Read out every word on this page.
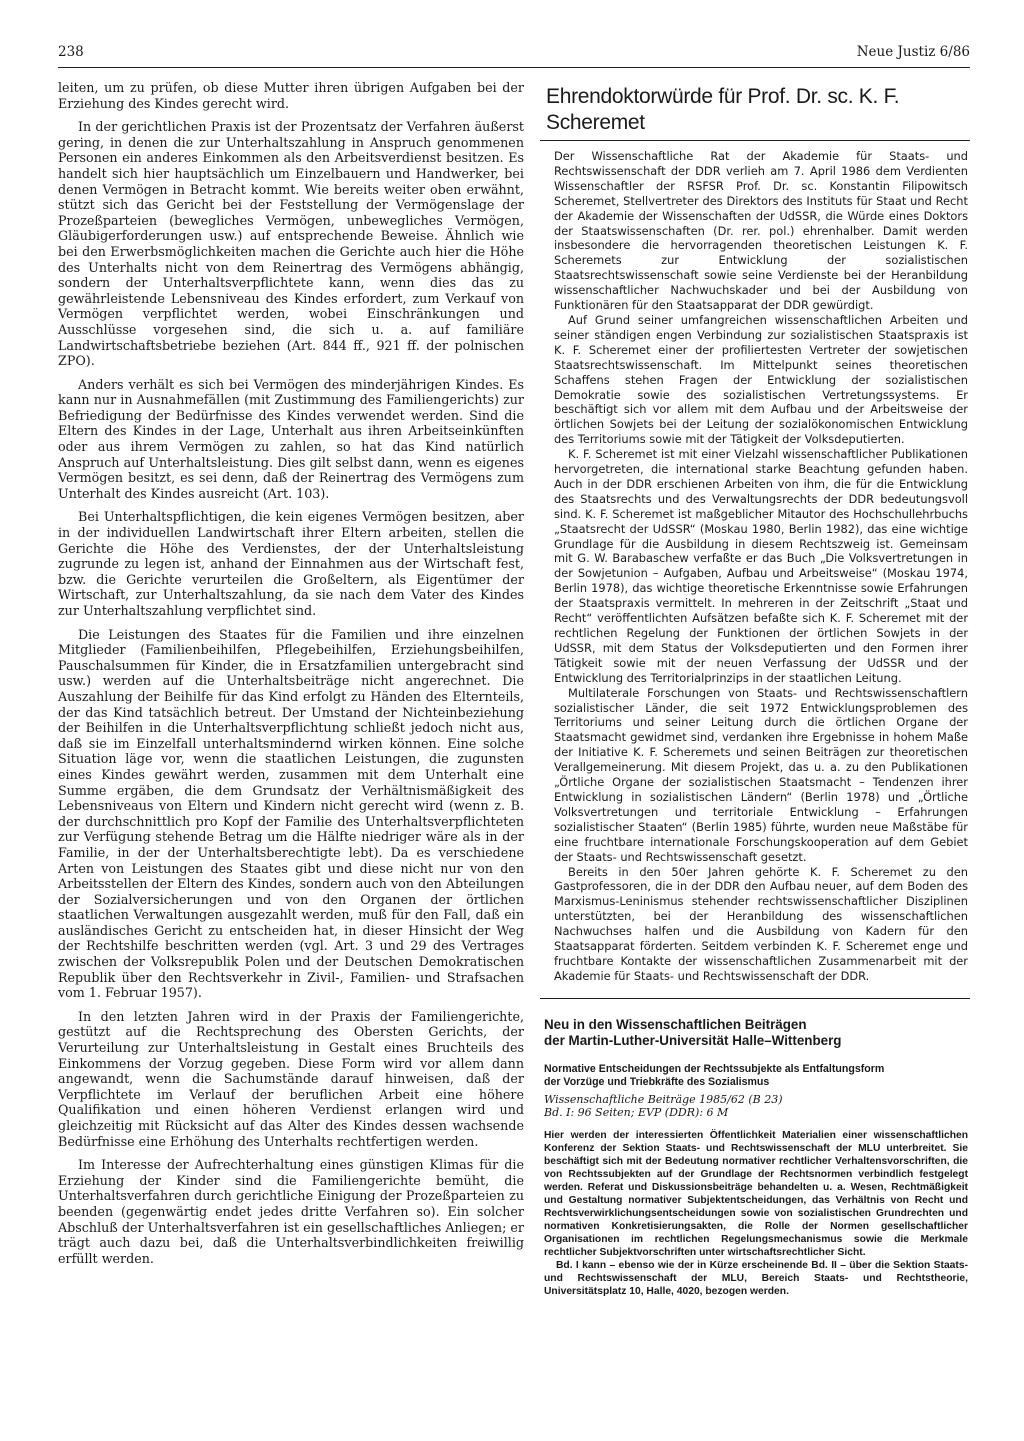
238	Neue Justiz 6/86

leiten, um zu prüfen, ob diese Mutter ihren übrigen Aufgaben bei der Erziehung des Kindes gerecht wird.

In der gerichtlichen Praxis ist der Prozentsatz der Verfahren äußerst gering, in denen die zur Unterhaltszahlung in Anspruch genommenen Personen ein anderes Einkommen als den Arbeitsverdienst besitzen. Es handelt sich hier hauptsächlich um Einzelbauern und Handwerker, bei denen Vermögen in Betracht kommt. Wie bereits weiter oben erwähnt, stützt sich das Gericht bei der Feststellung der Vermögenslage der Prozeßparteien (bewegliches Vermögen, unbewegliches Vermögen, Gläubigerforderungen usw.) auf entsprechende Beweise. Ähnlich wie bei den Erwerbsmöglichkeiten machen die Gerichte auch hier die Höhe des Unterhalts nicht von dem Reinertrag des Vermögens abhängig, sondern der Unterhaltsverpflichtete kann, wenn dies das zu gewährleistende Lebensniveau des Kindes erfordert, zum Verkauf von Vermögen verpflichtet werden, wobei Einschränkungen und Ausschlüsse vorgesehen sind, die sich u. a. auf familiäre Landwirtschaftsbetriebe beziehen (Art. 844 ff., 921 ff. der polnischen ZPO).

Anders verhält es sich bei Vermögen des minderjährigen Kindes. Es kann nur in Ausnahmefällen (mit Zustimmung des Familiengerichts) zur Befriedigung der Bedürfnisse des Kindes verwendet werden. Sind die Eltern des Kindes in der Lage, Unterhalt aus ihren Arbeitseinkünften oder aus ihrem Vermögen zu zahlen, so hat das Kind natürlich Anspruch auf Unterhaltsleistung. Dies gilt selbst dann, wenn es eigenes Vermögen besitzt, es sei denn, daß der Reinertrag des Vermögens zum Unterhalt des Kindes ausreicht (Art. 103).

Bei Unterhaltspflichtigen, die kein eigenes Vermögen besitzen, aber in der individuellen Landwirtschaft ihrer Eltern arbeiten, stellen die Gerichte die Höhe des Verdienstes, der der Unterhaltsleistung zugrunde zu legen ist, anhand der Einnahmen aus der Wirtschaft fest, bzw. die Gerichte verurteilen die Großeltern, als Eigentümer der Wirtschaft, zur Unterhaltszahlung, da sie nach dem Vater des Kindes zur Unterhaltszahlung verpflichtet sind.

Die Leistungen des Staates für die Familien und ihre einzelnen Mitglieder (Familienbeihilfen, Pflegebeihilfen, Erziehungsbeihilfen, Pauschalsummen für Kinder, die in Ersatzfamilien untergebracht sind usw.) werden auf die Unterhaltsbeiträge nicht angerechnet. Die Auszahlung der Beihilfe für das Kind erfolgt zu Händen des Elternteils, der das Kind tatsächlich betreut. Der Umstand der Nichteinbeziehung der Beihilfen in die Unterhaltsverpflichtung schließt jedoch nicht aus, daß sie im Einzelfall unterhaltsmindernd wirken können. Eine solche Situation läge vor, wenn die staatlichen Leistungen, die zugunsten eines Kindes gewährt werden, zusammen mit dem Unterhalt eine Summe ergäben, die dem Grundsatz der Verhältnismäßigkeit des Lebensniveaus von Eltern und Kindern nicht gerecht wird (wenn z. B. der durchschnittlich pro Kopf der Familie des Unterhaltsverpflichteten zur Verfügung stehende Betrag um die Hälfte niedriger wäre als in der Familie, in der der Unterhaltsberechtigte lebt). Da es verschiedene Arten von Leistungen des Staates gibt und diese nicht nur von den Arbeitsstellen der Eltern des Kindes, sondern auch von den Abteilungen der Sozialversicherungen und von den Organen der örtlichen staatlichen Verwaltungen ausgezahlt werden, muß für den Fall, daß ein ausländisches Gericht zu entscheiden hat, in dieser Hinsicht der Weg der Rechtshilfe beschritten werden (vgl. Art. 3 und 29 des Vertrages zwischen der Volksrepublik Polen und der Deutschen Demokratischen Republik über den Rechtsverkehr in Zivil-, Familien- und Strafsachen vom 1. Februar 1957).

In den letzten Jahren wird in der Praxis der Familiengerichte, gestützt auf die Rechtsprechung des Obersten Gerichts, der Verurteilung zur Unterhaltsleistung in Gestalt eines Bruchteils des Einkommens der Vorzug gegeben. Diese Form wird vor allem dann angewandt, wenn die Sachumstände darauf hinweisen, daß der Verpflichtete im Verlauf der beruflichen Arbeit eine höhere Qualifikation und einen höheren Verdienst erlangen wird und gleichzeitig mit Rücksicht auf das Alter des Kindes dessen wachsende Bedürfnisse eine Erhöhung des Unterhalts rechtfertigen werden.

Im Interesse der Aufrechterhaltung eines günstigen Klimas für die Erziehung der Kinder sind die Familiengerichte bemüht, die Unterhaltsverfahren durch gerichtliche Einigung der Prozeßparteien zu beenden (gegenwärtig endet jedes dritte Verfahren so). Ein solcher Abschluß der Unterhaltsverfahren ist ein gesellschaftliches Anliegen; er trägt auch dazu bei, daß die Unterhaltsverbindlichkeiten freiwillig erfüllt werden.

Ehrendoktorwürde für Prof. Dr. sc. K. F. Scheremet

Der Wissenschaftliche Rat der Akademie für Staats- und Rechtswissenschaft der DDR verlieh am 7. April 1986 dem Verdienten Wissenschaftler der RSFSR Prof. Dr. sc. Konstantin Filipowitsch Scheremet, Stellvertreter des Direktors des Instituts für Staat und Recht der Akademie der Wissenschaften der UdSSR, die Würde eines Doktors der Staatswissenschaften (Dr. rer. pol.) ehrenhalber. Damit werden insbesondere die hervorragenden theoretischen Leistungen K. F. Scheremets zur Entwicklung der sozialistischen Staatsrechtswissenschaft sowie seine Verdienste bei der Heranbildung wissenschaftlicher Nachwuchskader und bei der Ausbildung von Funktionären für den Staatsapparat der DDR gewürdigt.

Auf Grund seiner umfangreichen wissenschaftlichen Arbeiten und seiner ständigen engen Verbindung zur sozialistischen Staatspraxis ist K. F. Scheremet einer der profiliertesten Vertreter der sowjetischen Staatsrechtswissenschaft. Im Mittelpunkt seines theoretischen Schaffens stehen Fragen der Entwicklung der sozialistischen Demokratie sowie des sozialistischen Vertretungssystems. Er beschäftigt sich vor allem mit dem Aufbau und der Arbeitsweise der örtlichen Sowjets bei der Leitung der sozialökonomischen Entwicklung des Territoriums sowie mit der Tätigkeit der Volksdeputierten.

K. F. Scheremet ist mit einer Vielzahl wissenschaftlicher Publikationen hervorgetreten, die international starke Beachtung gefunden haben. Auch in der DDR erschienen Arbeiten von ihm, die für die Entwicklung des Staatsrechts und des Verwaltungsrechts der DDR bedeutungsvoll sind. K. F. Scheremet ist maßgeblicher Mitautor des Hochschullehrbuchs „Staatsrecht der UdSSR“ (Moskau 1980, Berlin 1982), das eine wichtige Grundlage für die Ausbildung in diesem Rechtszweig ist. Gemeinsam mit G. W. Barabaschew verfaßte er das Buch „Die Volksvertretungen in der Sowjetunion – Aufgaben, Aufbau und Arbeitsweise“ (Moskau 1974, Berlin 1978), das wichtige theoretische Erkenntnisse sowie Erfahrungen der Staatspraxis vermittelt. In mehreren in der Zeitschrift „Staat und Recht“ veröffentlichten Aufsätzen befaßte sich K. F. Scheremet mit der rechtlichen Regelung der Funktionen der örtlichen Sowjets in der UdSSR, mit dem Status der Volksdeputierten und den Formen ihrer Tätigkeit sowie mit der neuen Verfassung der UdSSR und der Entwicklung des Territorialprinzips in der staatlichen Leitung.

Multilaterale Forschungen von Staats- und Rechtswissenschaftlern sozialistischer Länder, die seit 1972 Entwicklungsproblemen des Territoriums und seiner Leitung durch die örtlichen Organe der Staatsmacht gewidmet sind, verdanken ihre Ergebnisse in hohem Maße der Initiative K. F. Scheremets und seinen Beiträgen zur theoretischen Verallgemeinerung. Mit diesem Projekt, das u. a. zu den Publikationen „Örtliche Organe der sozialistischen Staatsmacht – Tendenzen ihrer Entwicklung in sozialistischen Ländern“ (Berlin 1978) und „Örtliche Volksvertretungen und territoriale Entwicklung – Erfahrungen sozialistischer Staaten“ (Berlin 1985) führte, wurden neue Maßstäbe für eine fruchtbare internationale Forschungskooperation auf dem Gebiet der Staats- und Rechtswissenschaft gesetzt.

Bereits in den 50er Jahren gehörte K. F. Scheremet zu den Gastprofessoren, die in der DDR den Aufbau neuer, auf dem Boden des Marxismus-Leninismus stehender rechtswissenschaftlicher Disziplinen unterstützten, bei der Heranbildung des wissenschaftlichen Nachwuchses halfen und die Ausbildung von Kadern für den Staatsapparat förderten. Seitdem verbinden K. F. Scheremet enge und fruchtbare Kontakte der wissenschaftlichen Zusammenarbeit mit der Akademie für Staats- und Rechtswissenschaft der DDR.

Neu in den Wissenschaftlichen Beiträgen
der Martin-Luther-Universität Halle–Wittenberg
Normative Entscheidungen der Rechtssubjekte als Entfaltungsform
der Vorzüge und Triebkräfte des Sozialismus
Wissenschaftliche Beiträge 1985/62 (B 23)
Bd. I: 96 Seiten; EVP (DDR): 6 M

Hier werden der interessierten Öffentlichkeit Materialien einer wissenschaftlichen Konferenz der Sektion Staats- und Rechtswissenschaft der MLU unterbreitet. Sie beschäftigt sich mit der Bedeutung normativer rechtlicher Verhaltensvorschriften, die von Rechtssubjekten auf der Grundlage der Rechtsnormen verbindlich festgelegt werden. Referat und Diskussionsbeiträge behandelten u. a. Wesen, Rechtmäßigkeit und Gestaltung normativer Subjektentscheidungen, das Verhältnis von Recht und Rechtsverwirklichungsentscheidungen sowie von sozialistischen Grundrechten und normativen Konkretisierungsakten, die Rolle der Normen gesellschaftlicher Organisationen im rechtlichen Regelungsmechanismus sowie die Merkmale rechtlicher Subjektvorschriften unter wirtschaftsrechtlicher Sicht.

Bd. I kann – ebenso wie der in Kürze erscheinende Bd. II – über die Sektion Staats- und Rechtswissenschaft der MLU, Bereich Staats- und Rechtstheorie, Universitätsplatz 10, Halle, 4020, bezogen werden.
